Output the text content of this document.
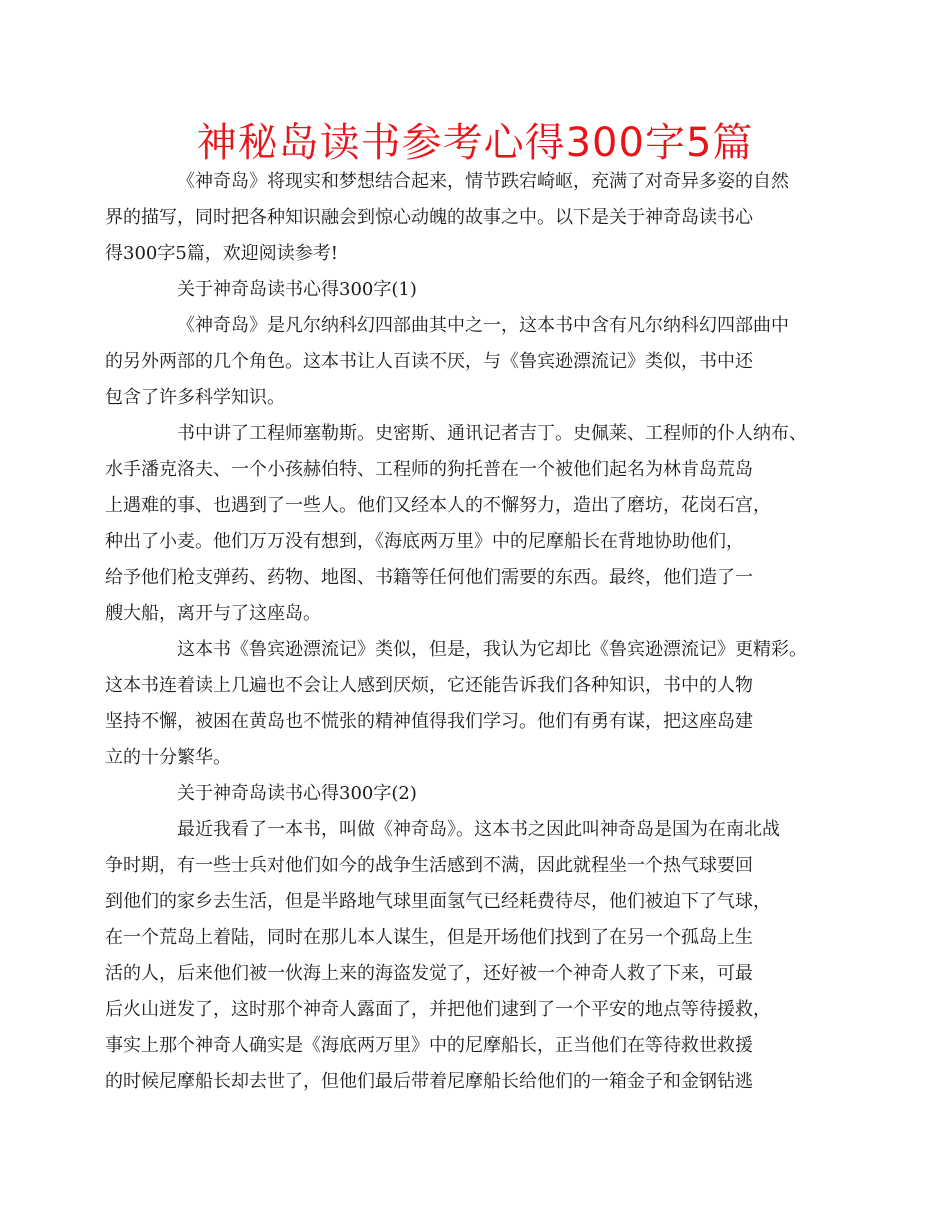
神秘岛读书参考心得300字5篇

《神奇岛》将现实和梦想结合起来，情节跌宕崎岖，充满了对奇异多姿的自然
界的描写，同时把各种知识融会到惊心动魄的故事之中。以下是关于神奇岛读书心
得300字5篇，欢迎阅读参考!

关于神奇岛读书心得300字(1)

《神奇岛》是凡尔纳科幻四部曲其中之一，这本书中含有凡尔纳科幻四部曲中
的另外两部的几个角色。这本书让人百读不厌，与《鲁宾逊漂流记》类似，书中还
包含了许多科学知识。

书中讲了工程师塞勒斯。史密斯、通讯记者吉丁。史佩莱、工程师的仆人纳布、
水手潘克洛夫、一个小孩赫伯特、工程师的狗托普在一个被他们起名为林肯岛荒岛
上遇难的事、也遇到了一些人。他们又经本人的不懈努力，造出了磨坊，花岗石宫，
种出了小麦。他们万万没有想到，《海底两万里》中的尼摩船长在背地协助他们，
给予他们枪支弹药、药物、地图、书籍等任何他们需要的东西。最终，他们造了一
艘大船，离开与了这座岛。

这本书《鲁宾逊漂流记》类似，但是，我认为它却比《鲁宾逊漂流记》更精彩。
这本书连着读上几遍也不会让人感到厌烦，它还能告诉我们各种知识，书中的人物
坚持不懈，被困在黄岛也不慌张的精神值得我们学习。他们有勇有谋，把这座岛建
立的十分繁华。

关于神奇岛读书心得300字(2)

最近我看了一本书，叫做《神奇岛》。这本书之因此叫神奇岛是国为在南北战
争时期，有一些士兵对他们如今的战争生活感到不满，因此就程坐一个热气球要回
到他们的家乡去生活，但是半路地气球里面氢气已经耗费待尽，他们被迫下了气球，
在一个荒岛上着陆，同时在那儿本人谋生，但是开场他们找到了在另一个孤岛上生
活的人，后来他们被一伙海上来的海盗发觉了，还好被一个神奇人救了下来，可最
后火山迸发了，这时那个神奇人露面了，并把他们逮到了一个平安的地点等待援救，
事实上那个神奇人确实是《海底两万里》中的尼摩船长，正当他们在等待救世救援
的时候尼摩船长却去世了，但他们最后带着尼摩船长给他们的一箱金子和金钢钻逃
